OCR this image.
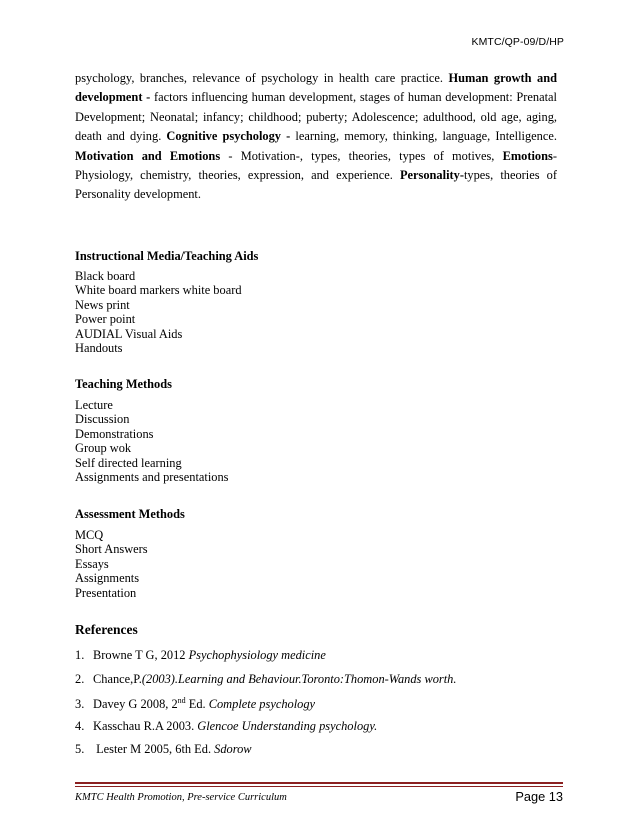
KMTC/QP-09/D/HP
psychology, branches, relevance of psychology in health care practice. Human growth and development - factors influencing human development, stages of human development: Prenatal Development; Neonatal; infancy; childhood; puberty; Adolescence; adulthood, old age, aging, death and dying. Cognitive psychology - learning, memory, thinking, language, Intelligence. Motivation and Emotions - Motivation-, types, theories, types of motives, Emotions- Physiology, chemistry, theories, expression, and experience. Personality-types, theories of Personality development.
Instructional Media/Teaching Aids
Black board
White board markers white board
News print
Power point
AUDIAL Visual Aids
Handouts
Teaching Methods
Lecture
Discussion
Demonstrations
Group wok
Self directed learning
Assignments and presentations
Assessment Methods
MCQ
Short Answers
Essays
Assignments
Presentation
References
1. Browne T G, 2012 Psychophysiology medicine
2. Chance,P.(2003).Learning and Behaviour.Toronto:Thomon-Wands worth.
3. Davey G 2008, 2nd Ed. Complete psychology
4. Kasschau R.A 2003. Glencoe Understanding psychology.
5. Lester M 2005, 6th Ed. Sdorow
KMTC Health Promotion, Pre-service Curriculum	Page 13
